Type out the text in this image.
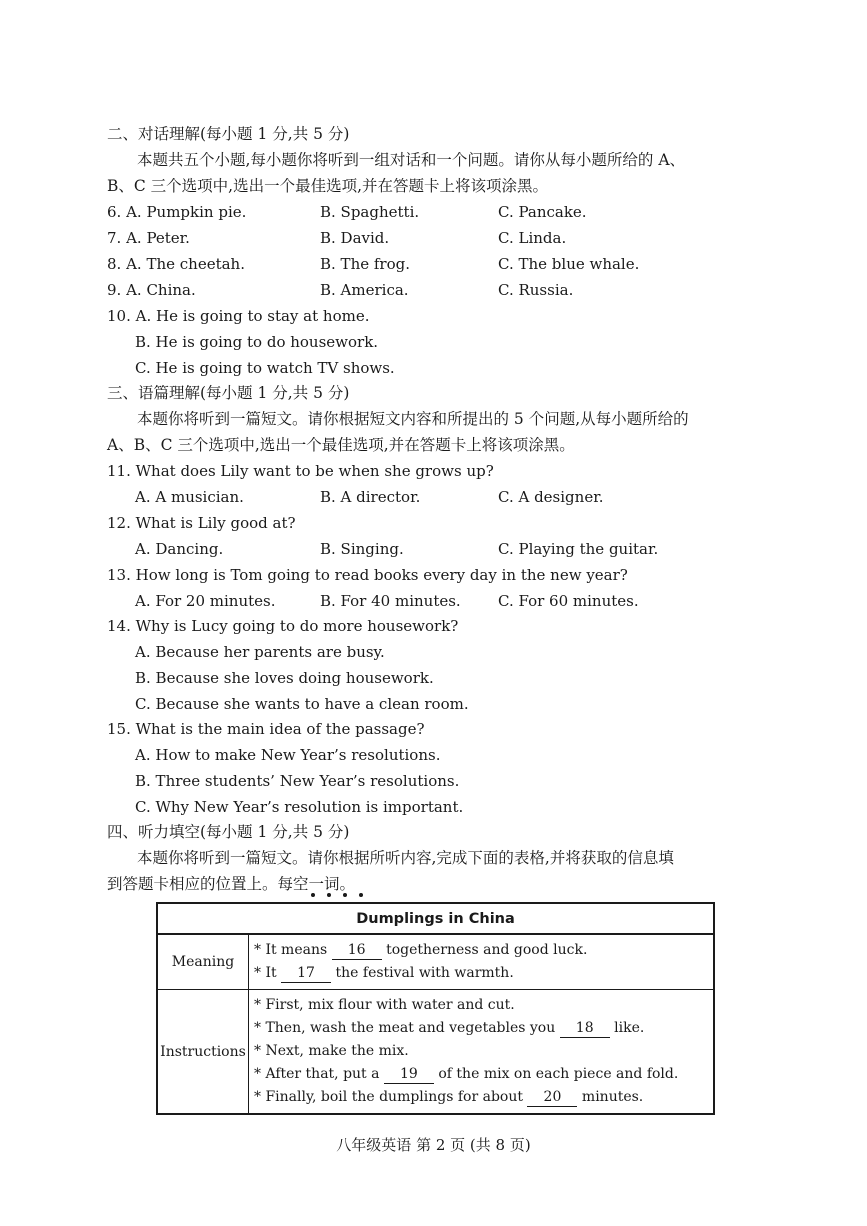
二、对话理解(每小题 1 分,共 5 分)
本题共五个小题,每小题你将听到一组对话和一个问题。请你从每小题所给的 A、
B、C 三个选项中,选出一个最佳选项,并在答题卡上将该项涂黑。
6. A. Pumpkin pie.	B. Spaghetti.	C. Pancake.
7. A. Peter.	B. David.	C. Linda.
8. A. The cheetah.	B. The frog.	C. The blue whale.
9. A. China.	B. America.	C. Russia.
10. A. He is going to stay at home.
B. He is going to do housework.
C. He is going to watch TV shows.
三、语篇理解(每小题 1 分,共 5 分)
本题你将听到一篇短文。请你根据短文内容和所提出的 5 个问题,从每小题所给的
A、B、C 三个选项中,选出一个最佳选项,并在答题卡上将该项涂黑。
11. What does Lily want to be when she grows up?
A. A musician.	B. A director.	C. A designer.
12. What is Lily good at?
A. Dancing.	B. Singing.	C. Playing the guitar.
13. How long is Tom going to read books every day in the new year?
A. For 20 minutes.	B. For 40 minutes. C. For 60 minutes.
14. Why is Lucy going to do more housework?
A. Because her parents are busy.
B. Because she loves doing housework.
C. Because she wants to have a clean room.
15. What is the main idea of the passage?
A. How to make New Year’s resolutions.
B. Three students’ New Year’s resolutions.
C. Why New Year’s resolution is important.
四、听力填空(每小题 1 分,共 5 分)
本题你将听到一篇短文。请你根据所听内容,完成下面的表格,并将获取的信息填
到答题卡相应的位置上。每空一词。
Dumplings in China	
Meaning	* It means 16 togetherness and good luck.
* It 17 the festival with warmth.

Instructions	* First, mix flour with water and cut.
* Then, wash the meat and vegetables you 18 like.
* Next, make the mix.
* After that, put a 19 of the mix on each piece and fold.
* Finally, boil the dumplings for about 20 minutes.
八年级英语 第 2 页 (共 8 页)
